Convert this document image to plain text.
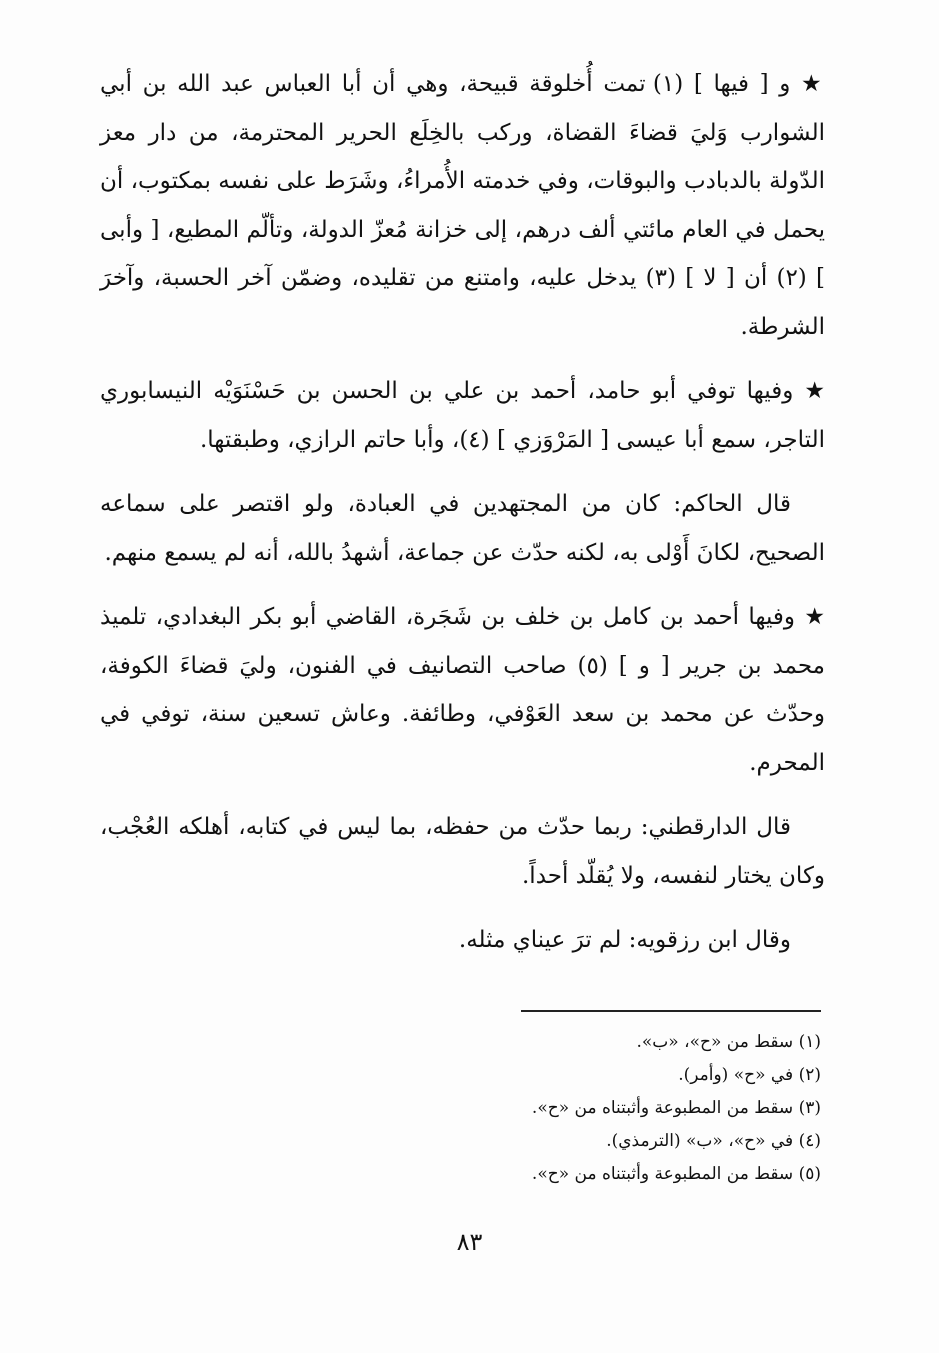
★ و [ فيها ] (١) تمت أُخلوقة قبيحة، وهي أن أبا العباس عبد الله بن أبي الشوارب وَليَ قضاءَ القضاة، وركب بالخِلَع الحرير المحترمة، من دار معز الدّولة بالدبادب والبوقات، وفي خدمته الأُمراءُ، وشَرَط على نفسه بمكتوب، أن يحمل في العام مائتي ألف درهم، إلى خزانة مُعزّ الدولة، وتألّم المطيع، [ وأبى ] (٢) أن [ لا ] (٣) يدخل عليه، وامتنع من تقليده، وضمّن آخر الحسبة، وآخرَ الشرطة.

★ وفيها توفي أبو حامد، أحمد بن علي بن الحسن بن حَسْنَوَيْه النيسابوري التاجر، سمع أبا عيسى [ المَرْوَزي ] (٤)، وأبا حاتم الرازي، وطبقتها.

قال الحاكم: كان من المجتهدين في العبادة، ولو اقتصر على سماعه الصحيح، لكانَ أَوْلى به، لكنه حدّث عن جماعة، أشهدُ بالله، أنه لم يسمع منهم.

★ وفيها أحمد بن كامل بن خلف بن شَجَرة، القاضي أبو بكر البغدادي، تلميذ محمد بن جرير [ و ] (٥) صاحب التصانيف في الفنون، وليَ قضاءَ الكوفة، وحدّث عن محمد بن سعد العَوْفي، وطائفة. وعاش تسعين سنة، توفي في المحرم.

قال الدارقطني: ربما حدّث من حفظه، بما ليس في كتابه، أهلكه العُجْب، وكان يختار لنفسه، ولا يُقلّد أحداً.

وقال ابن رزقويه: لم ترَ عيناي مثله.

(١) سقط من «ح»، «ب».
(٢) في «ح» (وأمر).
(٣) سقط من المطبوعة وأثبتناه من «ح».
(٤) في «ح»، «ب» (الترمذي).
(٥) سقط من المطبوعة وأثبتناه من «ح».
٨٣
